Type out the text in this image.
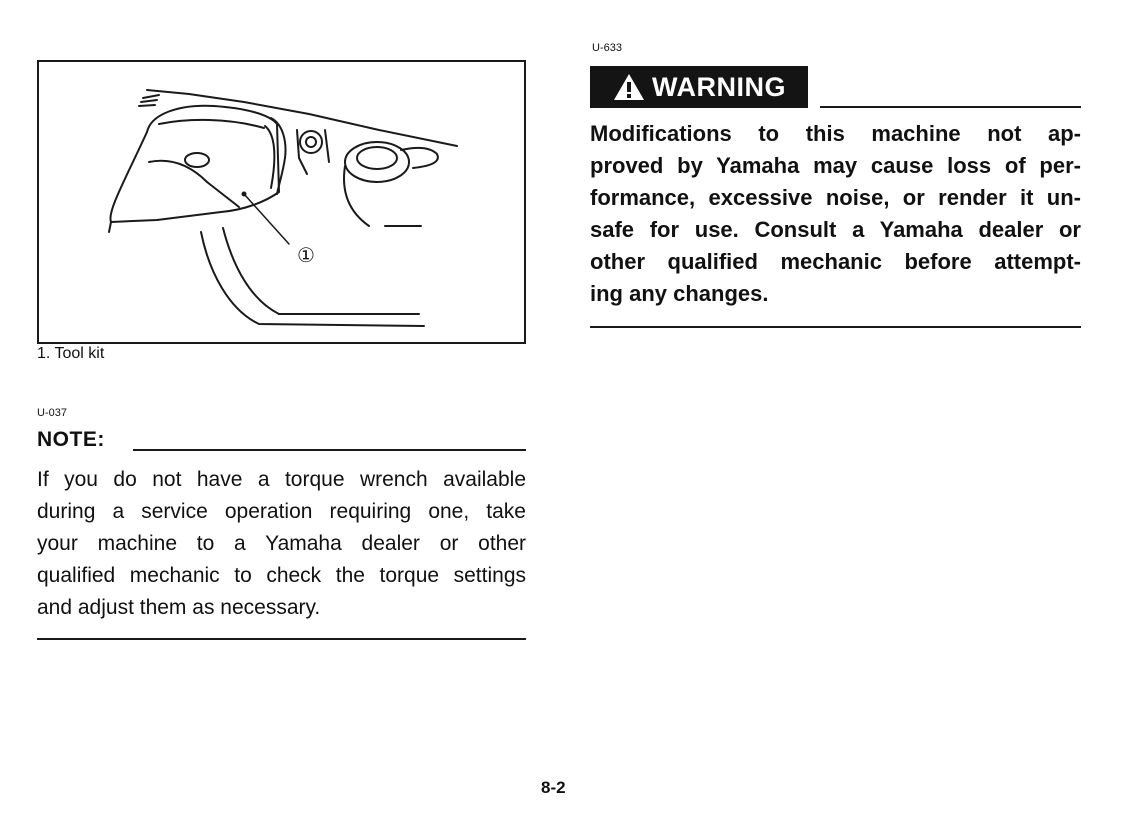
①
1. Tool kit
U-037
NOTE:
If you do not have a torque wrench available
during a service operation requiring one, take
your machine to a Yamaha dealer or other
qualified mechanic to check the torque settings
and adjust them as necessary.
U-633
WARNING
Modifications to this machine not ap-
proved by Yamaha may cause loss of per-
formance, excessive noise, or render it un-
safe for use. Consult a Yamaha dealer or
other qualified mechanic before attempt-
ing any changes.
8-2
